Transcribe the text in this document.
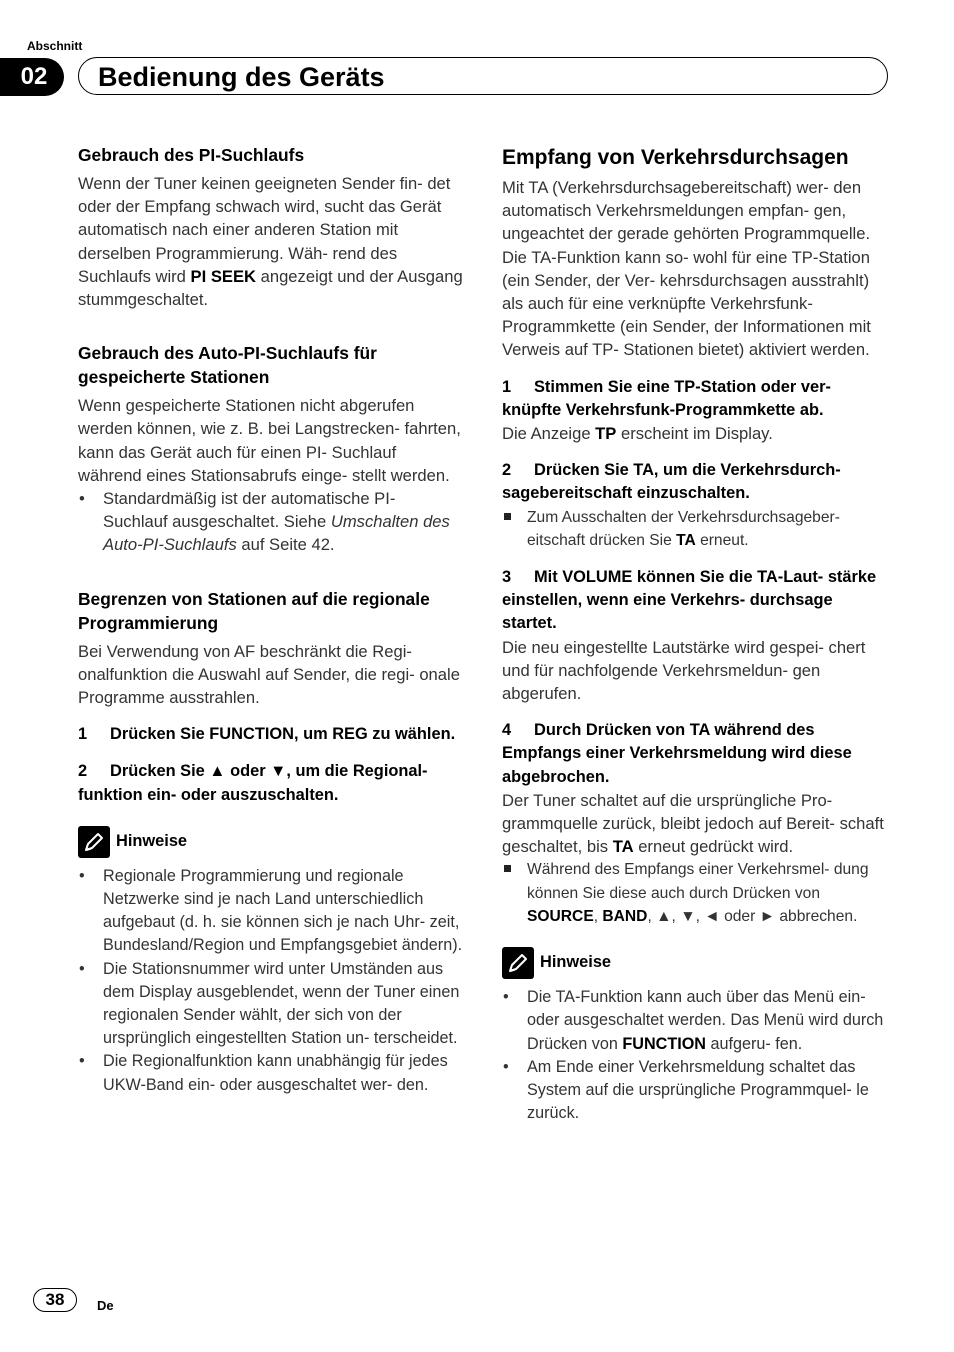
Abschnitt
02	Bedienung des Geräts
Gebrauch des PI-Suchlaufs

Wenn der Tuner keinen geeigneten Sender fin- det oder der Empfang schwach wird, sucht das Gerät automatisch nach einer anderen Station mit derselben Programmierung. Wäh- rend des Suchlaufs wird PI SEEK angezeigt und der Ausgang stummgeschaltet.

Gebrauch des Auto-PI-Suchlaufs für gespeicherte Stationen

Wenn gespeicherte Stationen nicht abgerufen werden können, wie z. B. bei Langstrecken- fahrten, kann das Gerät auch für einen PI- Suchlauf während eines Stationsabrufs einge- stellt werden.

• Standardmäßig ist der automatische PI- Suchlauf ausgeschaltet. Siehe Umschalten des Auto-PI-Suchlaufs auf Seite 42.

Begrenzen von Stationen auf die regionale Programmierung

Bei Verwendung von AF beschränkt die Regi- onalfunktion die Auswahl auf Sender, die regi- onale Programme ausstrahlen.

1 Drücken Sie FUNCTION, um REG zu wählen.

2 Drücken Sie ▲ oder ▼, um die Regional- funktion ein- oder auszuschalten.

Hinweise

• Regionale Programmierung und regionale Netzwerke sind je nach Land unterschiedlich aufgebaut (d. h. sie können sich je nach Uhr- zeit, Bundesland/Region und Empfangsgebiet ändern).

• Die Stationsnummer wird unter Umständen aus dem Display ausgeblendet, wenn der Tuner einen regionalen Sender wählt, der sich von der ursprünglich eingestellten Station un- terscheidet.

• Die Regionalfunktion kann unabhängig für jedes UKW-Band ein- oder ausgeschaltet wer- den.

Empfang von Verkehrsdurchsagen

Mit TA (Verkehrsdurchsagebereitschaft) wer- den automatisch Verkehrsmeldungen empfan- gen, ungeachtet der gerade gehörten Programmquelle. Die TA-Funktion kann so- wohl für eine TP-Station (ein Sender, der Ver- kehrsdurchsagen ausstrahlt) als auch für eine verknüpfte Verkehrsfunk-Programmkette (ein Sender, der Informationen mit Verweis auf TP- Stationen bietet) aktiviert werden.

1 Stimmen Sie eine TP-Station oder ver- knüpfte Verkehrsfunk-Programmkette ab.

Die Anzeige TP erscheint im Display.

2 Drücken Sie TA, um die Verkehrsdurch- sagebereitschaft einzuschalten.

Zum Ausschalten der Verkehrsdurchsageber- eitschaft drücken Sie TA erneut.

3 Mit VOLUME können Sie die TA-Laut- stärke einstellen, wenn eine Verkehrs- durchsage startet.

Die neu eingestellte Lautstärke wird gespei- chert und für nachfolgende Verkehrsmeldun- gen abgerufen.

4 Durch Drücken von TA während des Empfangs einer Verkehrsmeldung wird diese abgebrochen.

Der Tuner schaltet auf die ursprüngliche Pro- grammquelle zurück, bleibt jedoch auf Bereit- schaft geschaltet, bis TA erneut gedrückt wird.

Während des Empfangs einer Verkehrsmel- dung können Sie diese auch durch Drücken von SOURCE, BAND, ▲, ▼, ◄ oder ► abbrechen.

Hinweise

• Die TA-Funktion kann auch über das Menü ein- oder ausgeschaltet werden. Das Menü wird durch Drücken von FUNCTION aufgeru- fen.

• Am Ende einer Verkehrsmeldung schaltet das System auf die ursprüngliche Programmquel- le zurück.

38	De
